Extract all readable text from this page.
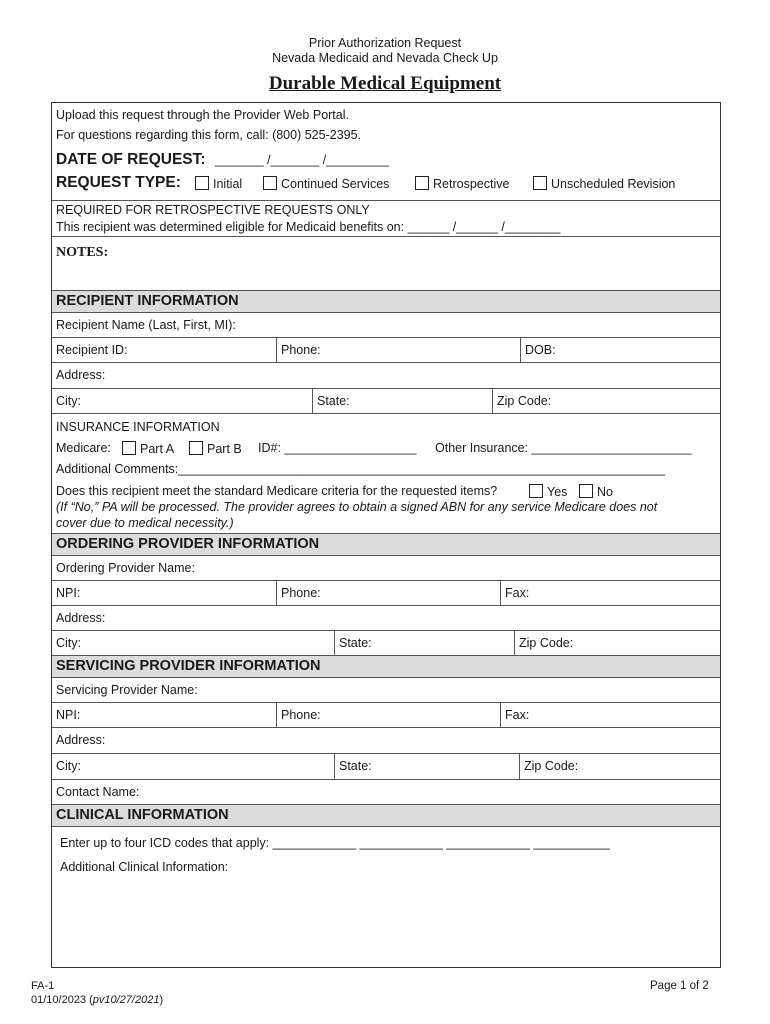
Prior Authorization Request
Nevada Medicaid and Nevada Check Up
Durable Medical Equipment
Upload this request through the Provider Web Portal.
For questions regarding this form, call: (800) 525-2395.
DATE OF REQUEST: _______ /_______ /_________
REQUEST TYPE:	Initial	Continued Services	Retrospective	Unscheduled Revision
REQUIRED FOR RETROSPECTIVE REQUESTS ONLY
This recipient was determined eligible for Medicaid benefits on: ______ /______ /________
NOTES:
RECIPIENT INFORMATION
Recipient Name (Last, First, MI):
Recipient ID:	Phone:	DOB:
Address:
City:	State:	Zip Code:
INSURANCE INFORMATION
Medicare:	Part A	Part B ID#: ___________________ Other Insurance: _______________________
Additional Comments:______________________________________________________________________
Does this recipient meet the standard Medicare criteria for the requested items?	Yes	No
(If “No,” PA will be processed. The provider agrees to obtain a signed ABN for any service Medicare does not
cover due to medical necessity.)
ORDERING PROVIDER INFORMATION
Ordering Provider Name:
NPI:	Phone:	Fax:
Address:
City:	State:	Zip Code:
SERVICING PROVIDER INFORMATION
Servicing Provider Name:
NPI:	Phone:	Fax:
Address:
City:	State:	Zip Code:
Contact Name:
CLINICAL INFORMATION
Enter up to four ICD codes that apply: ____________ ____________ ____________ ___________
Additional Clinical Information:
FA-1
01/10/2023 (pv10/27/2021)
Page 1 of 2
